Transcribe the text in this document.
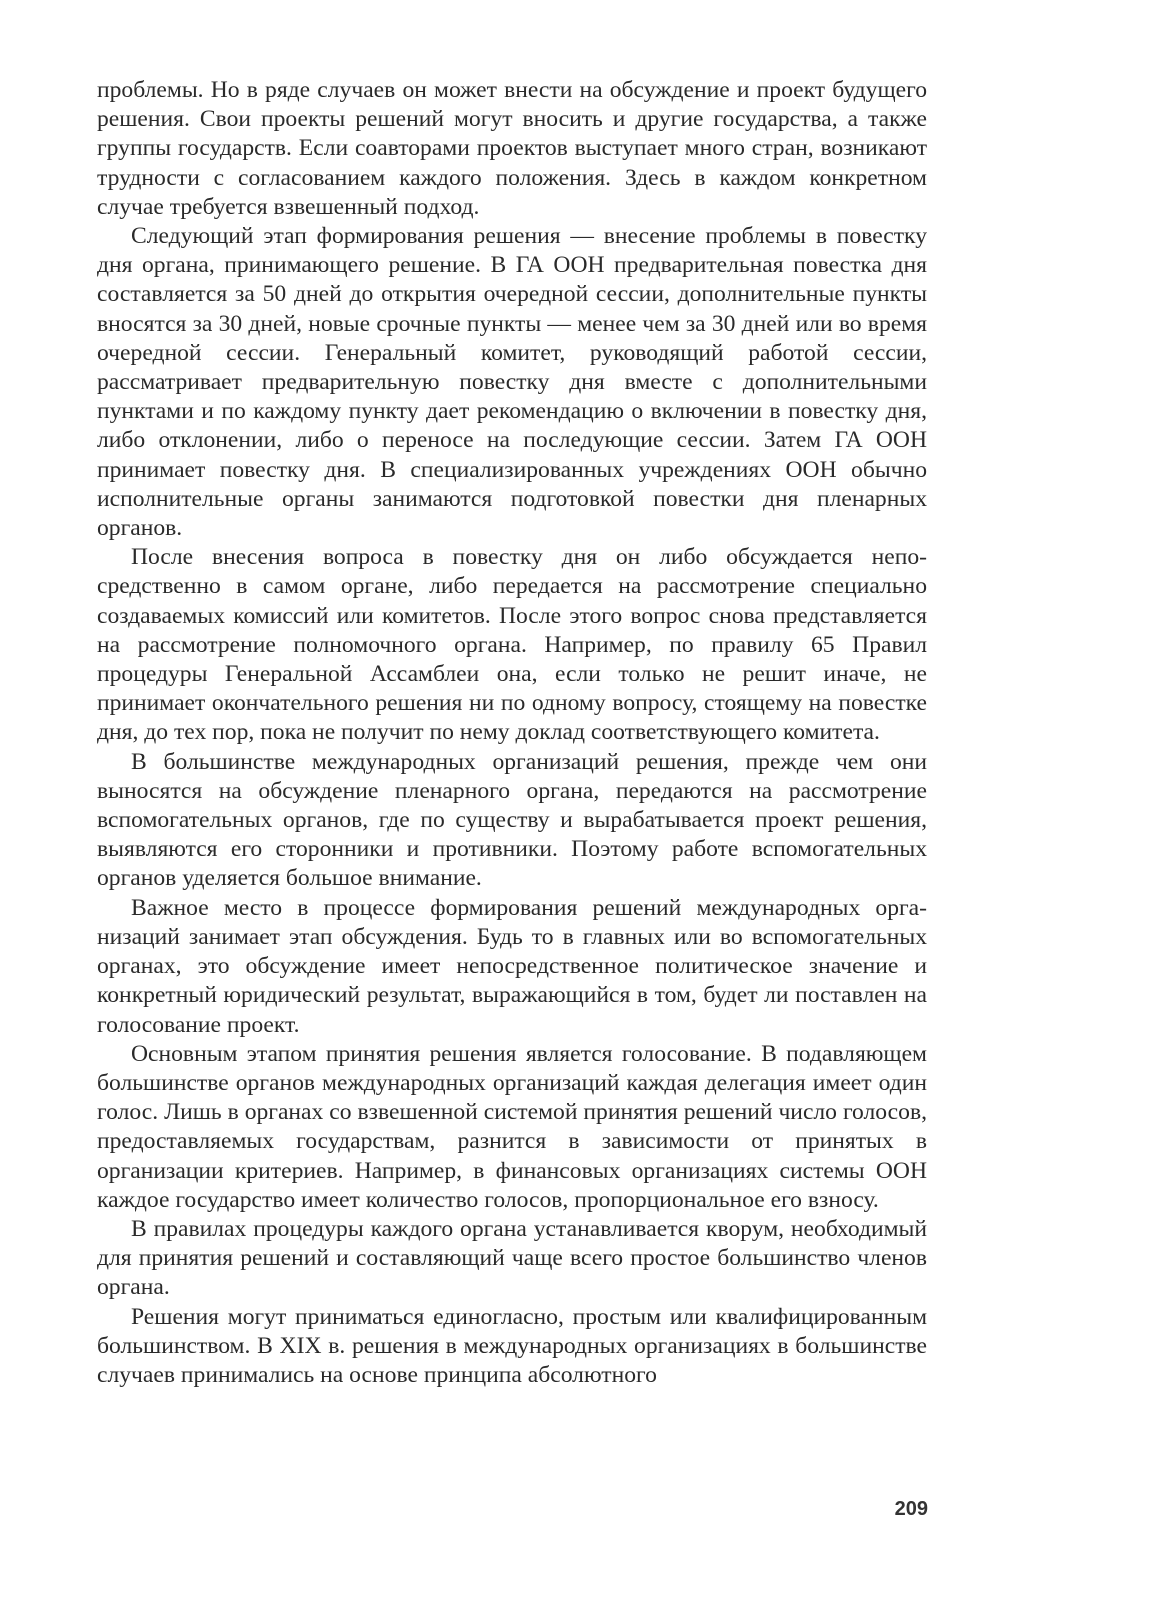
проблемы. Но в ряде случаев он может внести на обсуждение и проект будущего решения. Свои проекты решений могут вносить и другие государства, а также группы государств. Если соавторами проектов выступает много стран, возникают трудности с согласованием каждого положения. Здесь в каждом конкретном случае требуется взвешенный подход.

Следующий этап формирования решения — внесение проблемы в повестку дня органа, принимающего решение. В ГА ООН предварительная повестка дня составляется за 50 дней до открытия очередной сессии, дополнительные пункты вносятся за 30 дней, новые срочные пункты — менее чем за 30 дней или во время очередной сессии. Генеральный комитет, руководящий работой сессии, рассматривает предварительную повестку дня вместе с дополнительными пунктами и по каждому пункту дает рекомендацию о включении в повестку дня, либо отклонении, либо о переносе на последующие сессии. Затем ГА ООН принимает повестку дня. В специализированных учреждениях ООН обычно исполнительные органы занимаются подготовкой повестки дня пленарных органов.

После внесения вопроса в повестку дня он либо обсуждается непосредственно в самом органе, либо передается на рассмотрение специально создаваемых комиссий или комитетов. После этого вопрос снова представляется на рассмотрение полномочного органа. Например, по правилу 65 Правил процедуры Генеральной Ассамблеи она, если только не решит иначе, не принимает окончательного решения ни по одному вопросу, стоящему на повестке дня, до тех пор, пока не получит по нему доклад соответствующего комитета.

В большинстве международных организаций решения, прежде чем они выносятся на обсуждение пленарного органа, передаются на рассмотрение вспомогательных органов, где по существу и вырабатывается проект решения, выявляются его сторонники и противники. Поэтому работе вспомогательных органов уделяется большое внимание.

Важное место в процессе формирования решений международных организаций занимает этап обсуждения. Будь то в главных или во вспомогательных органах, это обсуждение имеет непосредственное политическое значение и конкретный юридический результат, выражающийся в том, будет ли поставлен на голосование проект.

Основным этапом принятия решения является голосование. В подавляющем большинстве органов международных организаций каждая делегация имеет один голос. Лишь в органах со взвешенной системой принятия решений число голосов, предоставляемых государствам, разнится в зависимости от принятых в организации критериев. Например, в финансовых организациях системы ООН каждое государство имеет количество голосов, пропорциональное его взносу.

В правилах процедуры каждого органа устанавливается кворум, необходимый для принятия решений и составляющий чаще всего простое большинство членов органа.

Решения могут приниматься единогласно, простым или квалифицированным большинством. В XIX в. решения в международных организациях в большинстве случаев принимались на основе принципа абсолютного

209
